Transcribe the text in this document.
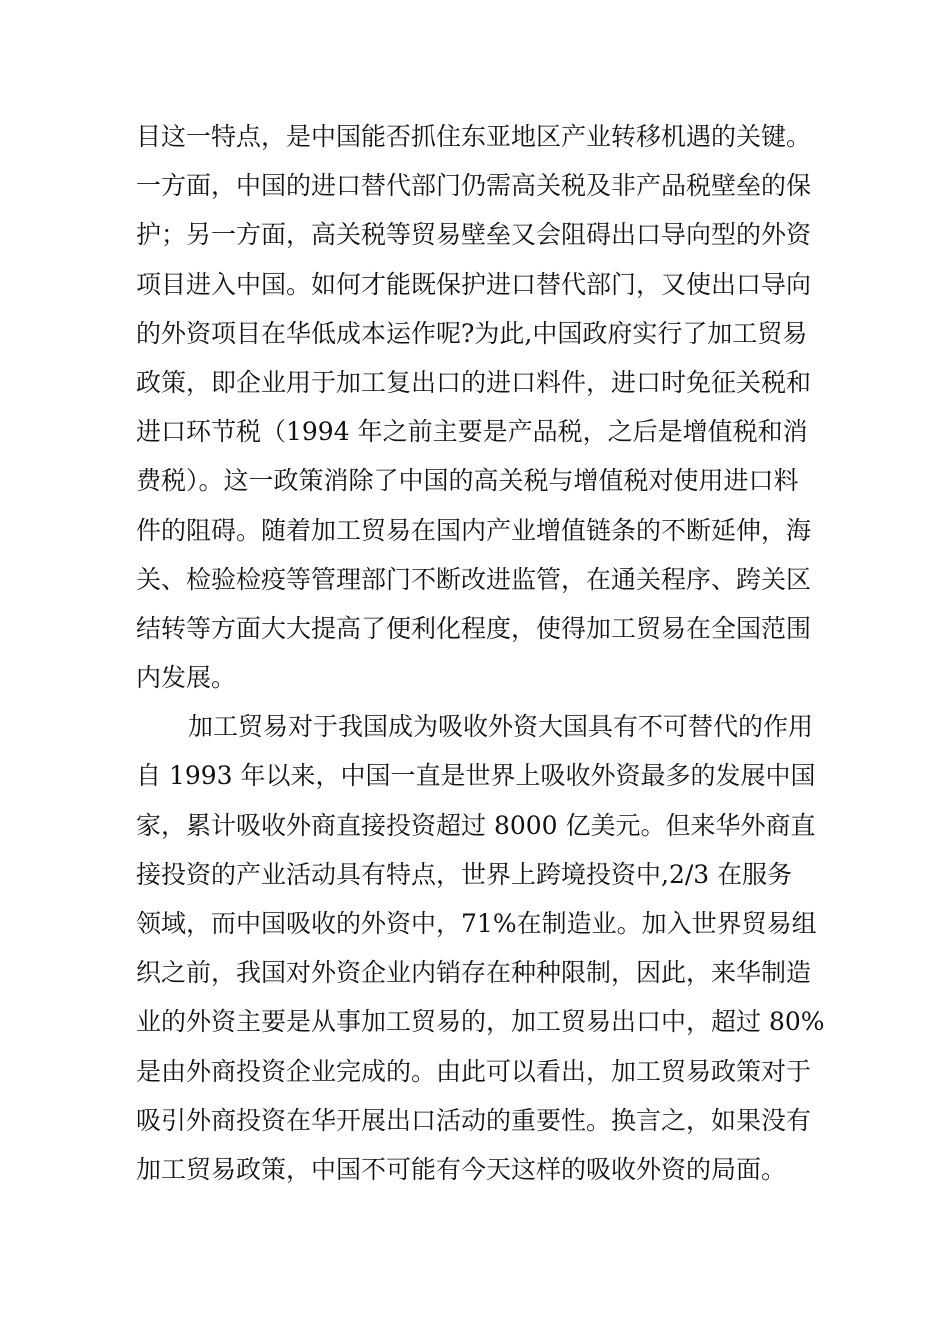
目这一特点，是中国能否抓住东亚地区产业转移机遇的关键。
一方面，中国的进口替代部门仍需高关税及非产品税壁垒的保
护；另一方面，高关税等贸易壁垒又会阻碍出口导向型的外资
项目进入中国。如何才能既保护进口替代部门，又使出口导向
的外资项目在华低成本运作呢?为此,中国政府实行了加工贸易
政策，即企业用于加工复出口的进口料件，进口时免征关税和
进口环节税（1994 年之前主要是产品税，之后是增值税和消
费税）。这一政策消除了中国的高关税与增值税对使用进口料
件的阻碍。随着加工贸易在国内产业增值链条的不断延伸，海
关、检验检疫等管理部门不断改进监管，在通关程序、跨关区
结转等方面大大提高了便利化程度，使得加工贸易在全国范围
内发展。
加工贸易对于我国成为吸收外资大国具有不可替代的作用
自 1993 年以来，中国一直是世界上吸收外资最多的发展中国
家，累计吸收外商直接投资超过 8000 亿美元。但来华外商直
接投资的产业活动具有特点，世界上跨境投资中,2/3 在服务
领域，而中国吸收的外资中，71%在制造业。加入世界贸易组
织之前，我国对外资企业内销存在种种限制，因此，来华制造
业的外资主要是从事加工贸易的，加工贸易出口中，超过 80%
是由外商投资企业完成的。由此可以看出，加工贸易政策对于
吸引外商投资在华开展出口活动的重要性。换言之，如果没有
加工贸易政策，中国不可能有今天这样的吸收外资的局面。
